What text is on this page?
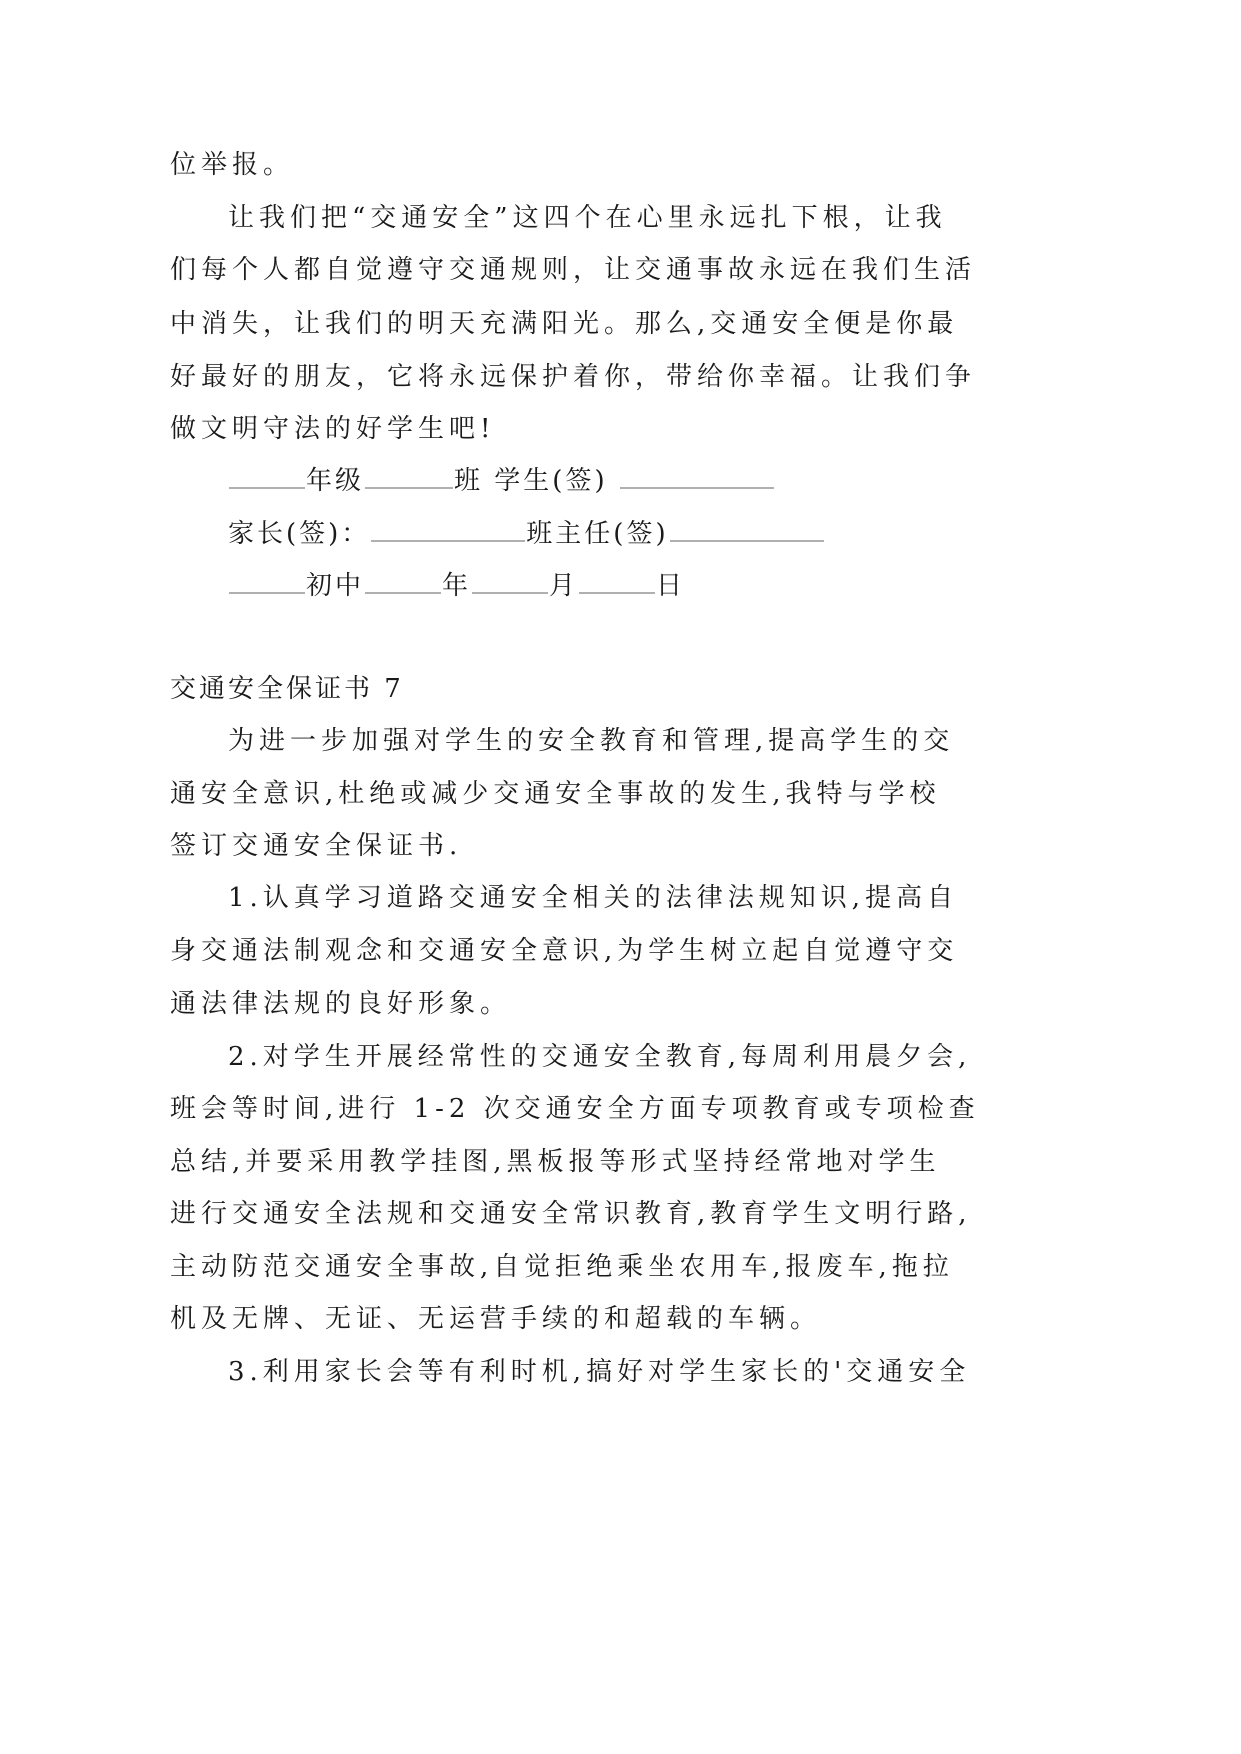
位举报。
让我们把“交通安全”这四个在心里永远扎下根，让我
们每个人都自觉遵守交通规则，让交通事故永远在我们生活
中消失，让我们的明天充满阳光。那么,交通安全便是你最
好最好的朋友，它将永远保护着你，带给你幸福。让我们争
做文明守法的好学生吧!
年级	班 学生(签)
家长(签)：	班主任(签)
初中	年	月	日
交通安全保证书 7
为进一步加强对学生的安全教育和管理,提高学生的交
通安全意识,杜绝或减少交通安全事故的发生,我特与学校
签订交通安全保证书.
1.认真学习道路交通安全相关的法律法规知识,提高自
身交通法制观念和交通安全意识,为学生树立起自觉遵守交
通法律法规的良好形象。
2.对学生开展经常性的交通安全教育,每周利用晨夕会,
班会等时间,进行 1-2 次交通安全方面专项教育或专项检查
总结,并要采用教学挂图,黑板报等形式坚持经常地对学生
进行交通安全法规和交通安全常识教育,教育学生文明行路,
主动防范交通安全事故,自觉拒绝乘坐农用车,报废车,拖拉
机及无牌、无证、无运营手续的和超载的车辆。
3.利用家长会等有利时机,搞好对学生家长的'交通安全
